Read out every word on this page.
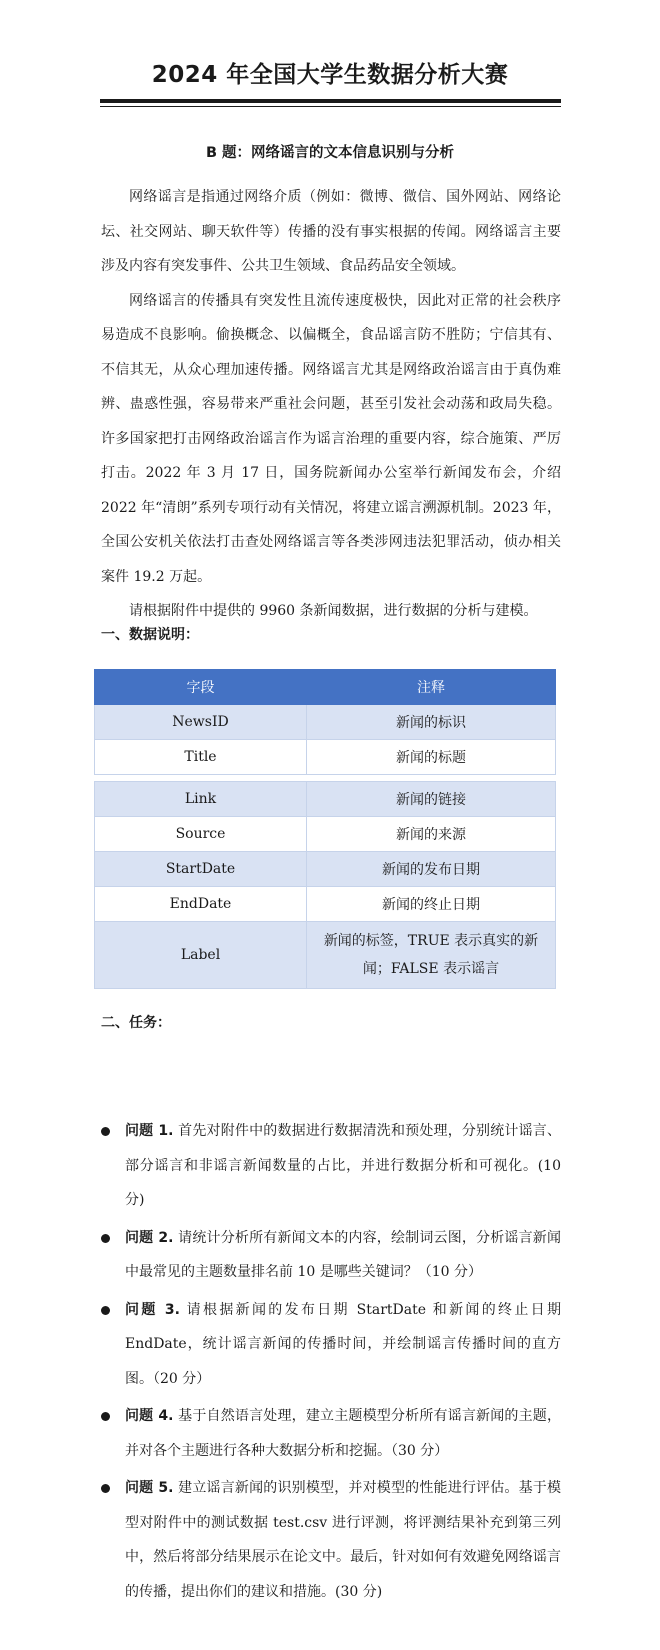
2024 年全国大学生数据分析大赛
B 题：网络谣言的文本信息识别与分析

网络谣言是指通过网络介质（例如：微博、微信、国外网站、网络论坛、社交网站、聊天软件等）传播的没有事实根据的传闻。网络谣言主要涉及内容有突发事件、公共卫生领域、食品药品安全领域。

网络谣言的传播具有突发性且流传速度极快，因此对正常的社会秩序易造成不良影响。偷换概念、以偏概全，食品谣言防不胜防；宁信其有、不信其无，从众心理加速传播。网络谣言尤其是网络政治谣言由于真伪难辨、蛊惑性强，容易带来严重社会问题，甚至引发社会动荡和政局失稳。许多国家把打击网络政治谣言作为谣言治理的重要内容，综合施策、严厉打击。2022 年 3 月 17 日，国务院新闻办公室举行新闻发布会，介绍 2022 年“清朗”系列专项行动有关情况，将建立谣言溯源机制。2023 年，全国公安机关依法打击查处网络谣言等各类涉网违法犯罪活动，侦办相关案件 19.2 万起。

请根据附件中提供的 9960 条新闻数据，进行数据的分析与建模。

一、数据说明：
字段	注释
NewsID	新闻的标识
Title	新闻的标题
Link	新闻的链接
Source	新闻的来源
StartDate	新闻的发布日期
EndDate	新闻的终止日期
Label	新闻的标签，TRUE 表示真实的新闻；FALSE 表示谣言
二、任务：
问题 1. 首先对附件中的数据进行数据清洗和预处理，分别统计谣言、部分谣言和非谣言新闻数量的占比，并进行数据分析和可视化。(10 分)
问题 2. 请统计分析所有新闻文本的内容，绘制词云图，分析谣言新闻中最常见的主题数量排名前 10 是哪些关键词？（10 分）
问题 3. 请根据新闻的发布日期 StartDate 和新闻的终止日期 EndDate，统计谣言新闻的传播时间，并绘制谣言传播时间的直方图。（20 分）
问题 4. 基于自然语言处理，建立主题模型分析所有谣言新闻的主题，并对各个主题进行各种大数据分析和挖掘。（30 分）
问题 5. 建立谣言新闻的识别模型，并对模型的性能进行评估。基于模型对附件中的测试数据 test.csv 进行评测，将评测结果补充到第三列中，然后将部分结果展示在论文中。最后，针对如何有效避免网络谣言的传播，提出你们的建议和措施。(30 分)
